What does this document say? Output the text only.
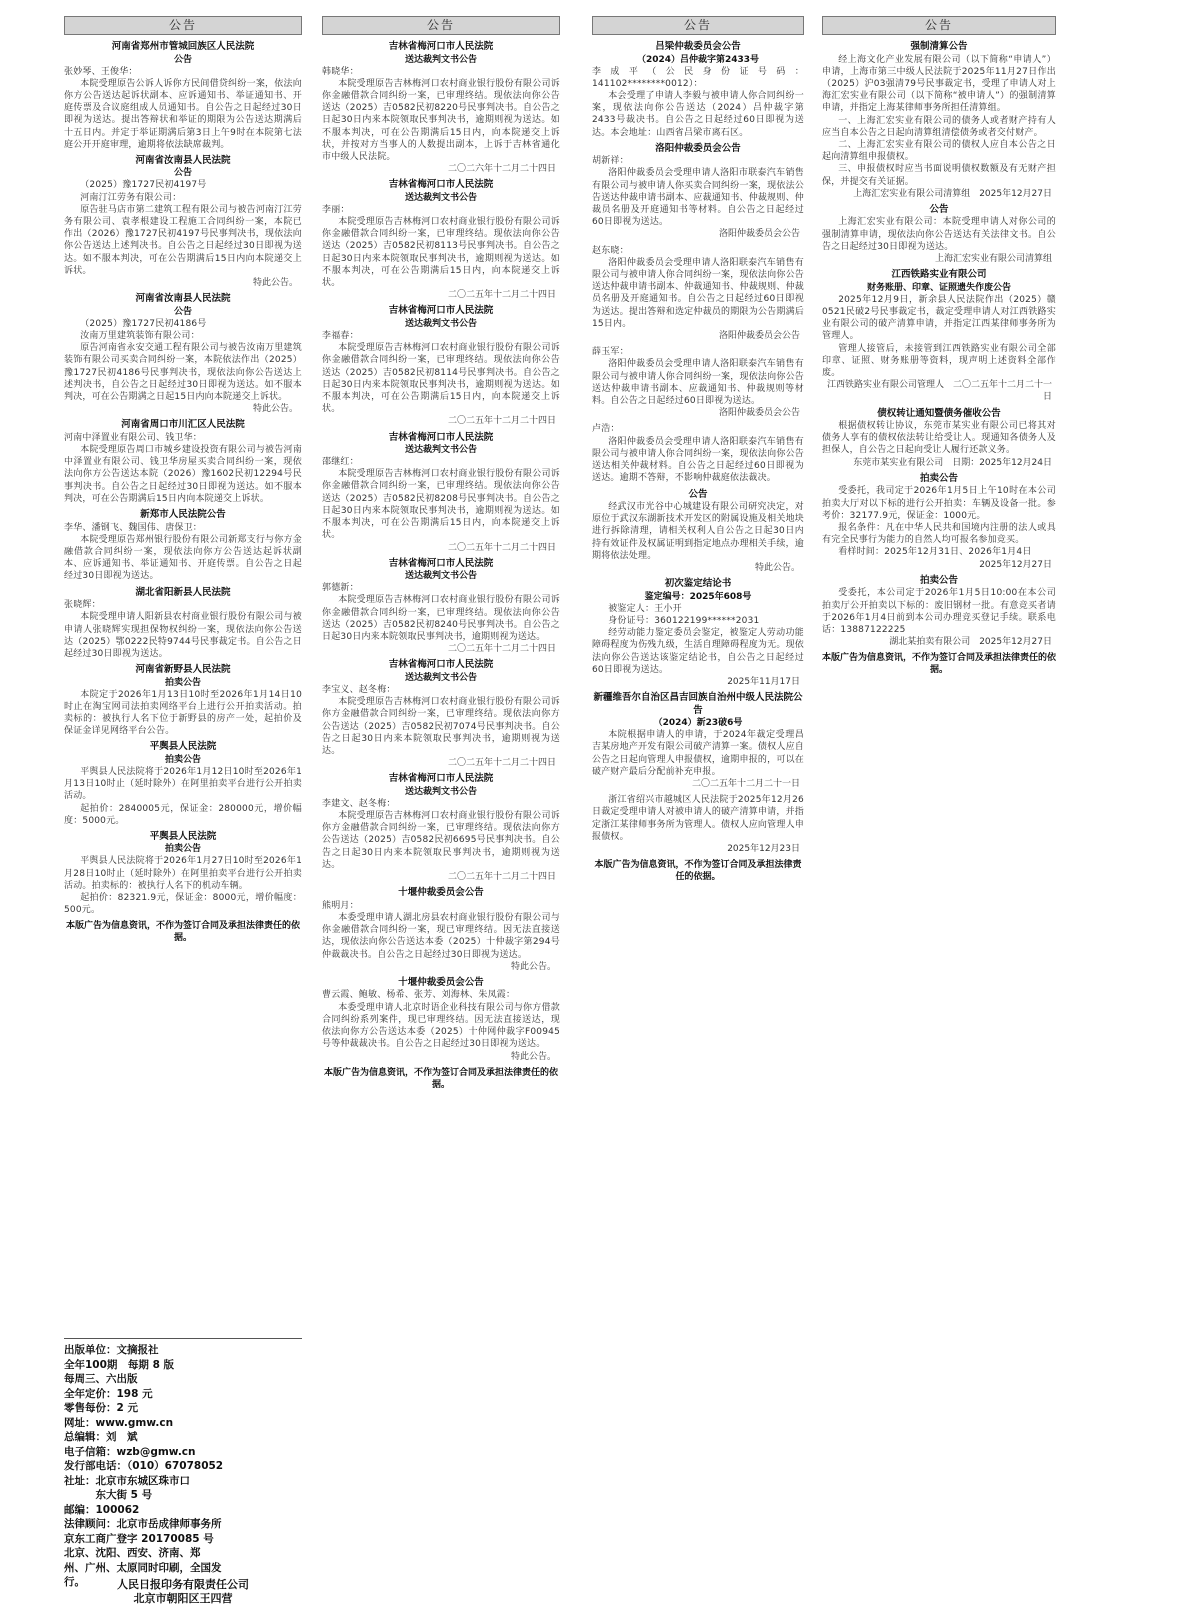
公告
河南省郑州市管城回族区人民法院
公告

张妙琴、王俊华：

本院受理原告公诉人诉你方民间借贷纠纷一案，依法向你方公告送达起诉状副本、应诉通知书、举证通知书、开庭传票及合议庭组成人员通知书。自公告之日起经过30日即视为送达。提出答辩状和举证的期限为公告送达期满后十五日内。并定于举证期满后第3日上午9时在本院第七法庭公开开庭审理，逾期将依法缺席裁判。

河南省汝南县人民法院
公告

（2025）豫1727民初4197号

河南汀江劳务有限公司：

原告驻马店市第二建筑工程有限公司与被告河南汀江劳务有限公司、袁孝根建设工程施工合同纠纷一案，本院已作出（2026）豫1727民初4197号民事判决书，现依法向你公告送达上述判决书。自公告之日起经过30日即视为送达。如不服本判决，可在公告期满后15日内向本院递交上诉状。

特此公告。
河南省汝南县人民法院
公告

（2025）豫1727民初4186号

汝南万里建筑装饰有限公司：

原告河南省永安交通工程有限公司与被告汝南万里建筑装饰有限公司买卖合同纠纷一案，本院依法作出（2025）豫1727民初4186号民事判决书，现依法向你公告送达上述判决书，自公告之日起经过30日即视为送达。如不服本判决，可在公告期满之日起15日内向本院递交上诉状。

特此公告。
河南省周口市川汇区人民法院

河南中泽置业有限公司、钱卫华：

本院受理原告周口市城乡建设投资有限公司与被告河南中泽置业有限公司、钱卫华房屋买卖合同纠纷一案，现依法向你方公告送达本院（2026）豫1602民初12294号民事判决书。自公告之日起经过30日即视为送达。如不服本判决，可在公告期满后15日内向本院递交上诉状。

新郑市人民法院公告

李华、潘钢飞、魏国伟、唐保卫：

本院受理原告郑州银行股份有限公司新郑支行与你方金融借款合同纠纷一案，现依法向你方公告送达起诉状副本、应诉通知书、举证通知书、开庭传票。自公告之日起经过30日即视为送达。

湖北省阳新县人民法院

张晓辉：

本院受理申请人阳新县农村商业银行股份有限公司与被申请人张晓辉实现担保物权纠纷一案，现依法向你公告送达（2025）鄂0222民特9744号民事裁定书。自公告之日起经过30日即视为送达。

河南省新野县人民法院
拍卖公告

本院定于2026年1月13日10时至2026年1月14日10时止在淘宝网司法拍卖网络平台上进行公开拍卖活动。拍卖标的：被执行人名下位于新野县的房产一处，起拍价及保证金详见网络平台公告。

平舆县人民法院
拍卖公告

平舆县人民法院将于2026年1月12日10时至2026年1月13日10时止（延时除外）在阿里拍卖平台进行公开拍卖活动。

起拍价：2840005元，保证金：280000元，增价幅度：5000元。

平舆县人民法院
拍卖公告

平舆县人民法院将于2026年1月27日10时至2026年1月28日10时止（延时除外）在阿里拍卖平台进行公开拍卖活动。拍卖标的：被执行人名下的机动车辆。

起拍价：82321.9元，保证金：8000元，增价幅度：500元。

本版广告为信息资讯，不作为签订合同及承担法律责任的依据。
出版单位：文摘报社
全年100期　每期 8 版
每周三、六出版
全年定价：198 元
零售每份：2 元
网址：www.gmw.cn
总编辑：刘　斌
电子信箱：wzb@gmw.cn
发行部电话：（010）67078052
社址：北京市东城区珠市口
　　　东大街 5 号
邮编：100062
法律顾问：北京市岳成律师事务所
京东工商广登字 20170085 号
北京、沈阳、西安、济南、郑
州、广州、太原同时印刷，全国发
行。	人民日报印务有限责任公司
北京市朝阳区王四营
公告
吉林省梅河口市人民法院
送达裁判文书公告

韩晓华：

本院受理原告吉林梅河口农村商业银行股份有限公司诉你金融借款合同纠纷一案，已审理终结。现依法向你公告送达（2025）吉0582民初8220号民事判决书。自公告之日起30日内来本院领取民事判决书，逾期则视为送达。如不服本判决，可在公告期满后15日内，向本院递交上诉状，并按对方当事人的人数提出副本，上诉于吉林省通化市中级人民法院。

二〇二六年十二月二十四日
吉林省梅河口市人民法院
送达裁判文书公告

李丽：

本院受理原告吉林梅河口农村商业银行股份有限公司诉你金融借款合同纠纷一案，已审理终结。现依法向你公告送达（2025）吉0582民初8113号民事判决书。自公告之日起30日内来本院领取民事判决书，逾期则视为送达。如不服本判决，可在公告期满后15日内，向本院递交上诉状。

二〇二五年十二月二十四日
吉林省梅河口市人民法院
送达裁判文书公告

李福春：

本院受理原告吉林梅河口农村商业银行股份有限公司诉你金融借款合同纠纷一案，已审理终结。现依法向你公告送达（2025）吉0582民初8114号民事判决书。自公告之日起30日内来本院领取民事判决书，逾期则视为送达。如不服本判决，可在公告期满后15日内，向本院递交上诉状。

二〇二五年十二月二十四日
吉林省梅河口市人民法院
送达裁判文书公告

邵继红：

本院受理原告吉林梅河口农村商业银行股份有限公司诉你金融借款合同纠纷一案，已审理终结。现依法向你公告送达（2025）吉0582民初8208号民事判决书。自公告之日起30日内来本院领取民事判决书，逾期则视为送达。如不服本判决，可在公告期满后15日内，向本院递交上诉状。

二〇二五年十二月二十四日
吉林省梅河口市人民法院
送达裁判文书公告

郭德新：

本院受理原告吉林梅河口农村商业银行股份有限公司诉你金融借款合同纠纷一案，已审理终结。现依法向你公告送达（2025）吉0582民初8240号民事判决书。自公告之日起30日内来本院领取民事判决书，逾期则视为送达。

二〇二五年十二月二十四日
吉林省梅河口市人民法院
送达裁判文书公告

李宝义、赵冬梅：

本院受理原告吉林梅河口农村商业银行股份有限公司诉你方金融借款合同纠纷一案，已审理终结。现依法向你方公告送达（2025）吉0582民初7074号民事判决书。自公告之日起30日内来本院领取民事判决书，逾期则视为送达。

二〇二五年十二月二十四日
吉林省梅河口市人民法院
送达裁判文书公告

李建文、赵冬梅：

本院受理原告吉林梅河口农村商业银行股份有限公司诉你方金融借款合同纠纷一案，已审理终结。现依法向你方公告送达（2025）吉0582民初6695号民事判决书。自公告之日起30日内来本院领取民事判决书，逾期则视为送达。

二〇二五年十二月二十四日
十堰仲裁委员会公告

熊明月：

本委受理申请人湖北房县农村商业银行股份有限公司与你金融借款合同纠纷一案，现已审理终结。因无法直接送达，现依法向你公告送达本委（2025）十仲裁字第294号仲裁裁决书。自公告之日起经过30日即视为送达。

特此公告。
十堰仲裁委员会公告

曹云霞、鲍敏、杨希、张芳、刘海林、朱凤霞：

本委受理申请人北京时语企业科技有限公司与你方借款合同纠纷系列案件，现已审理终结。因无法直接送达，现依法向你方公告送达本委（2025）十仲网仲裁字F00945号等仲裁裁决书。自公告之日起经过30日即视为送达。

特此公告。
本版广告为信息资讯，不作为签订合同及承担法律责任的依据。
公告
吕梁仲裁委员会公告
（2024）吕仲裁字第2433号

李成平（公民身份证号码：141102********0012）：

本会受理了申请人李毅与被申请人你合同纠纷一案，现依法向你公告送达（2024）吕仲裁字第2433号裁决书。自公告之日起经过60日即视为送达。本会地址：山西省吕梁市离石区。

洛阳仲裁委员会公告

胡新祥：

洛阳仲裁委员会受理申请人洛阳市联泰汽车销售有限公司与被申请人你买卖合同纠纷一案，现依法公告送达仲裁申请书副本、应裁通知书、仲裁规则、仲裁员名册及开庭通知书等材料。自公告之日起经过60日即视为送达。

洛阳仲裁委员会公告

赵东晓：

洛阳仲裁委员会受理申请人洛阳联泰汽车销售有限公司与被申请人你合同纠纷一案，现依法向你公告送达仲裁申请书副本、仲裁通知书、仲裁规则、仲裁员名册及开庭通知书。自公告之日起经过60日即视为送达。提出答辩和选定仲裁员的期限为公告期满后15日内。

洛阳仲裁委员会公告

薛玉军：

洛阳仲裁委员会受理申请人洛阳联泰汽车销售有限公司与被申请人你合同纠纷一案，现依法向你公告送达仲裁申请书副本、应裁通知书、仲裁规则等材料。自公告之日起经过60日即视为送达。

洛阳仲裁委员会公告

卢浩：

洛阳仲裁委员会受理申请人洛阳联泰汽车销售有限公司与被申请人你合同纠纷一案，现依法向你公告送达相关仲裁材料。自公告之日起经过60日即视为送达。逾期不答辩，不影响仲裁庭依法裁决。

公告

经武汉市光谷中心城建设有限公司研究决定，对原位于武汉东湖新技术开发区的附属设施及相关地块进行拆除清理，请相关权利人自公告之日起30日内持有效证件及权属证明到指定地点办理相关手续，逾期将依法处理。

特此公告。
初次鉴定结论书
鉴定编号：2025年608号

被鉴定人：王小开

身份证号：360122199******2031

经劳动能力鉴定委员会鉴定，被鉴定人劳动功能障碍程度为伤残九级，生活自理障碍程度为无。现依法向你公告送达该鉴定结论书，自公告之日起经过60日即视为送达。

2025年11月17日
新疆维吾尔自治区昌吉回族自治州中级人民法院公告
（2024）新23破6号

本院根据申请人的申请，于2024年裁定受理昌吉某房地产开发有限公司破产清算一案。债权人应自公告之日起向管理人申报债权，逾期申报的，可以在破产财产最后分配前补充申报。

二〇二五年十二月二十一日

浙江省绍兴市越城区人民法院于2025年12月26日裁定受理申请人对被申请人的破产清算申请，并指定浙江某律师事务所为管理人。债权人应向管理人申报债权。

2025年12月23日
本版广告为信息资讯，不作为签订合同及承担法律责任的依据。
公告
强制清算公告

经上海文化产业发展有限公司（以下简称“申请人”）申请，上海市第三中级人民法院于2025年11月27日作出（2025）沪03强清79号民事裁定书，受理了申请人对上海汇宏实业有限公司（以下简称“被申请人”）的强制清算申请，并指定上海某律师事务所担任清算组。

一、上海汇宏实业有限公司的债务人或者财产持有人应当自本公告之日起向清算组清偿债务或者交付财产。

二、上海汇宏实业有限公司的债权人应自本公告之日起向清算组申报债权。

三、申报债权时应当书面说明债权数额及有无财产担保，并提交有关证据。

上海汇宏实业有限公司清算组　2025年12月27日
公告

上海汇宏实业有限公司：本院受理申请人对你公司的强制清算申请，现依法向你公告送达有关法律文书。自公告之日起经过30日即视为送达。

上海汇宏实业有限公司清算组
江西铁路实业有限公司
财务账册、印章、证照遗失作废公告

2025年12月9日，新余县人民法院作出（2025）赣0521民破2号民事裁定书，裁定受理申请人对江西铁路实业有限公司的破产清算申请，并指定江西某律师事务所为管理人。

管理人接管后，未接管到江西铁路实业有限公司全部印章、证照、财务账册等资料，现声明上述资料全部作废。

江西铁路实业有限公司管理人　二〇二五年十二月二十一日
债权转让通知暨债务催收公告

根据债权转让协议，东莞市某实业有限公司已将其对债务人享有的债权依法转让给受让人。现通知各债务人及担保人，自公告之日起向受让人履行还款义务。

东莞市某实业有限公司　日期：2025年12月24日
拍卖公告

受委托，我司定于2026年1月5日上午10时在本公司拍卖大厅对以下标的进行公开拍卖：车辆及设备一批。参考价：32177.9元，保证金：1000元。

报名条件：凡在中华人民共和国境内注册的法人或具有完全民事行为能力的自然人均可报名参加竞买。

看样时间：2025年12月31日、2026年1月4日

2025年12月27日
拍卖公告

受委托，本公司定于2026年1月5日10:00在本公司拍卖厅公开拍卖以下标的：废旧钢材一批。有意竞买者请于2026年1月4日前到本公司办理竞买登记手续。联系电话：13887122225

湖北某拍卖有限公司　2025年12月27日
本版广告为信息资讯，不作为签订合同及承担法律责任的依据。
